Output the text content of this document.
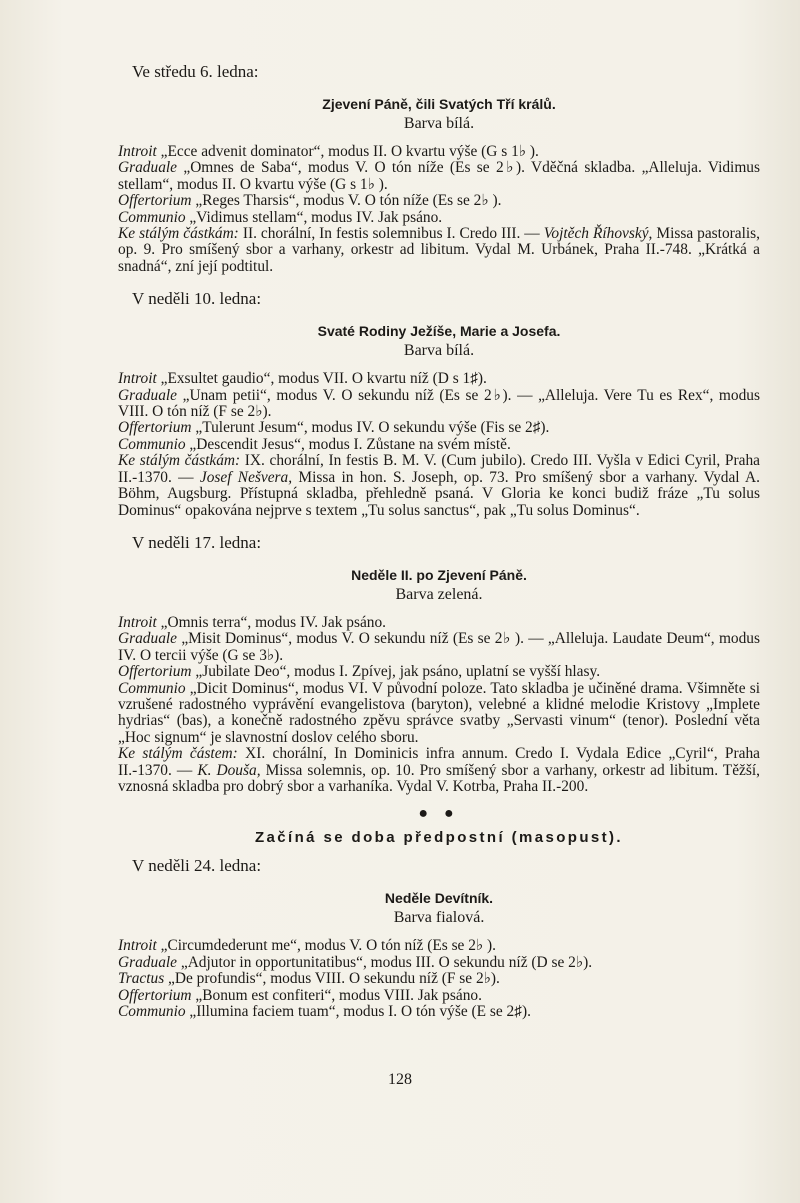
Ve středu 6. ledna:

Zjevení Páně, čili Svatých Tří králů.

Barva bílá.

Introit „Ecce advenit dominator“, modus II. O kvartu výše (G s 1♭ ).

Graduale „Omnes de Saba“, modus V. O tón níže (Es se 2♭). Vděčná skladba. „Alleluja. Vidimus stellam“, modus II. O kvartu výše (G s 1♭ ).

Offertorium „Reges Tharsis“, modus V. O tón níže (Es se 2♭ ).

Communio „Vidimus stellam“, modus IV. Jak psáno.

Ke stálým částkám: II. chorální, In festis solemnibus I. Credo III. — Vojtěch Říhovský, Missa pastoralis, op. 9. Pro smíšený sbor a varhany, orkestr ad libitum. Vydal M. Urbánek, Praha II.-748. „Krátká a snadná“, zní její podtitul.

V neděli 10. ledna:

Svaté Rodiny Ježíše, Marie a Josefa.

Barva bílá.

Introit „Exsultet gaudio“, modus VII. O kvartu níž (D s 1♯).

Graduale „Unam petii“, modus V. O sekundu níž (Es se 2♭). — „Alleluja. Vere Tu es Rex“, modus VIII. O tón níž (F se 2♭).

Offertorium „Tulerunt Jesum“, modus IV. O sekundu výše (Fis se 2♯).

Communio „Descendit Jesus“, modus I. Zůstane na svém místě.

Ke stálým částkám: IX. chorální, In festis B. M. V. (Cum jubilo). Credo III. Vyšla v Edici Cyril, Praha II.-1370. — Josef Nešvera, Missa in hon. S. Joseph, op. 73. Pro smíšený sbor a varhany. Vydal A. Böhm, Augsburg. Přístupná skladba, přehledně psaná. V Gloria ke konci budiž fráze „Tu solus Dominus“ opakována nejprve s textem „Tu solus sanctus“, pak „Tu solus Dominus“.

V neděli 17. ledna:

Neděle II. po Zjevení Páně.

Barva zelená.

Introit „Omnis terra“, modus IV. Jak psáno.

Graduale „Misit Dominus“, modus V. O sekundu níž (Es se 2♭ ). — „Alleluja. Laudate Deum“, modus IV. O tercii výše (G se 3♭).

Offertorium „Jubilate Deo“, modus I. Zpívej, jak psáno, uplatní se vyšší hlasy.

Communio „Dicit Dominus“, modus VI. V původní poloze. Tato skladba je učiněné drama. Všimněte si vzrušené radostného vyprávění evangelistova (baryton), velebné a klidné melodie Kristovy „Implete hydrias“ (bas), a konečně radostného zpěvu správce svatby „Servasti vinum“ (tenor). Poslední věta „Hoc signum“ je slavnostní doslov celého sboru.

Ke stálým částem: XI. chorální, In Dominicis infra annum. Credo I. Vydala Edice „Cyril“, Praha II.-1370. — K. Douša, Missa solemnis, op. 10. Pro smíšený sbor a varhany, orkestr ad libitum. Těžší, vznosná skladba pro dobrý sbor a varhaníka. Vydal V. Kotrba, Praha II.-200.

● ●

Začíná se doba předpostní (masopust).

V neděli 24. ledna:

Neděle Devítník.

Barva fialová.

Introit „Circumdederunt me“, modus V. O tón níž (Es se 2♭ ).

Graduale „Adjutor in opportunitatibus“, modus III. O sekundu níž (D se 2♭).

Tractus „De profundis“, modus VIII. O sekundu níž (F se 2♭).

Offertorium „Bonum est confiteri“, modus VIII. Jak psáno.

Communio „Illumina faciem tuam“, modus I. O tón výše (E se 2♯).

128
